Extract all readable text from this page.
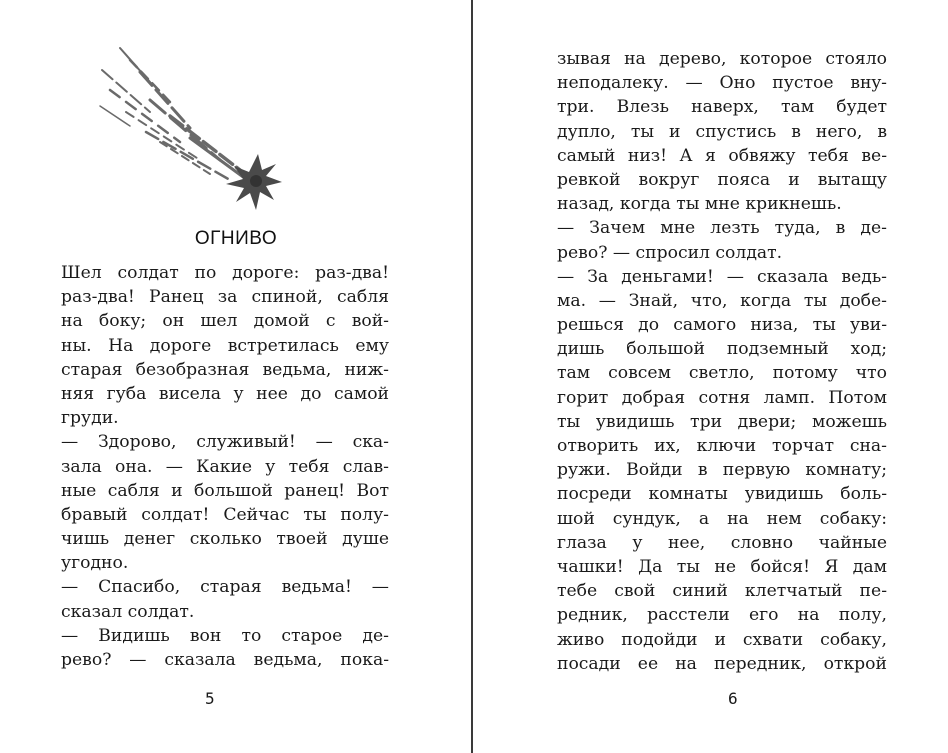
ОГНИВО
Шел солдат по дороге: раз-два!
раз-два! Ранец за спиной, сабля
на боку; он шел домой с вой-
ны. На дороге встретилась ему
старая безобразная ведьма, ниж-
няя губа висела у нее до самой
груди.
— Здорово, служивый! — ска-
зала она. — Какие у тебя слав-
ные сабля и большой ранец! Вот
бравый солдат! Сейчас ты полу-
чишь денег сколько твоей душе
угодно.
— Спасибо, старая ведьма! —
сказал солдат.
— Видишь вон то старое де-
рево? — сказала ведьма, пока-
5
зывая на дерево, которое стояло
неподалеку. — Оно пустое внy-
три. Влезь наверх, там будет
дупло, ты и спустись в него, в
самый низ! А я обвяжу тебя ве-
ревкой вокруг пояса и вытащу
назад, когда ты мне крикнешь.
— Зачем мне лезть туда, в де-
рево? — спросил солдат.
— За деньгами! — сказала ведь-
ма. — Знай, что, когда ты добе-
решься до самого низа, ты уви-
дишь большой подземный ход;
там совсем светло, потому что
горит добрая сотня ламп. Потом
ты увидишь три двери; можешь
отворить их, ключи торчат сна-
ружи. Войди в первую комнату;
посреди комнаты увидишь боль-
шой сундук, а на нем собаку:
глаза у нее, словно чайные
чашки! Да ты не бойся! Я дам
тебе свой синий клетчатый пе-
редник, расстели его на полу,
живо подойди и схвати собаку,
посади ее на передник, открой
6
